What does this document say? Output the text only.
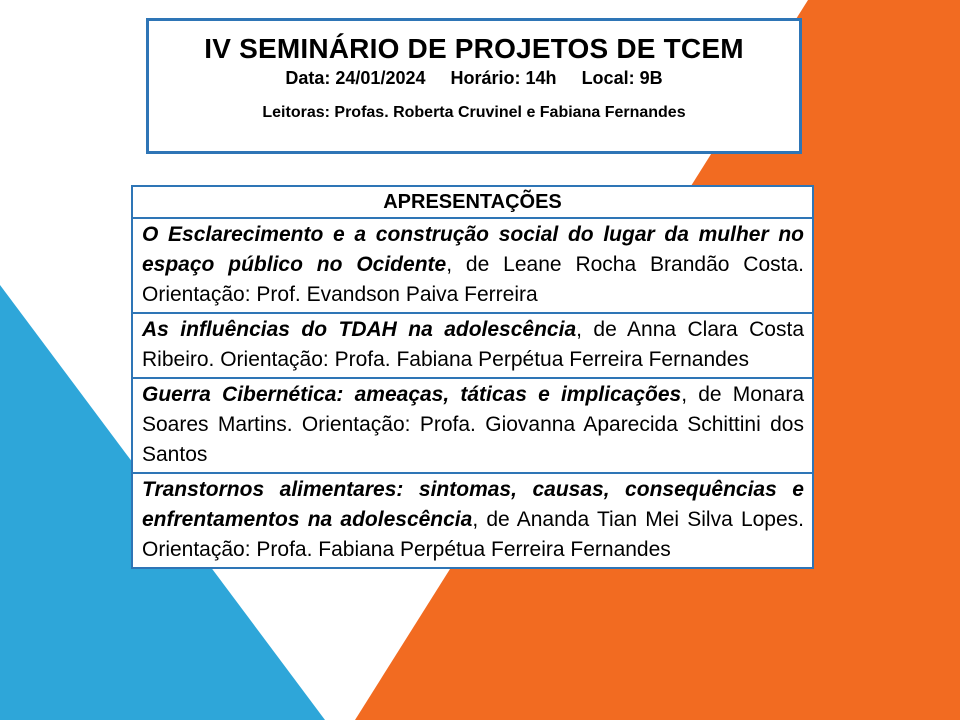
IV SEMINÁRIO DE PROJETOS DE TCEM
Data: 24/01/2024 Horário: 14h Local: 9B
Leitoras: Profas. Roberta Cruvinel e Fabiana Fernandes
APRESENTAÇÕES
O Esclarecimento e a construção social do lugar da mulher no espaço público no Ocidente, de Leane Rocha Brandão Costa. Orientação: Prof. Evandson Paiva Ferreira
As influências do TDAH na adolescência, de Anna Clara Costa Ribeiro. Orientação: Profa. Fabiana Perpétua Ferreira Fernandes
Guerra Cibernética: ameaças, táticas e implicações, de Monara Soares Martins. Orientação: Profa. Giovanna Aparecida Schittini dos Santos
Transtornos alimentares: sintomas, causas, consequências e enfrentamentos na adolescência, de Ananda Tian Mei Silva Lopes. Orientação: Profa. Fabiana Perpétua Ferreira Fernandes
